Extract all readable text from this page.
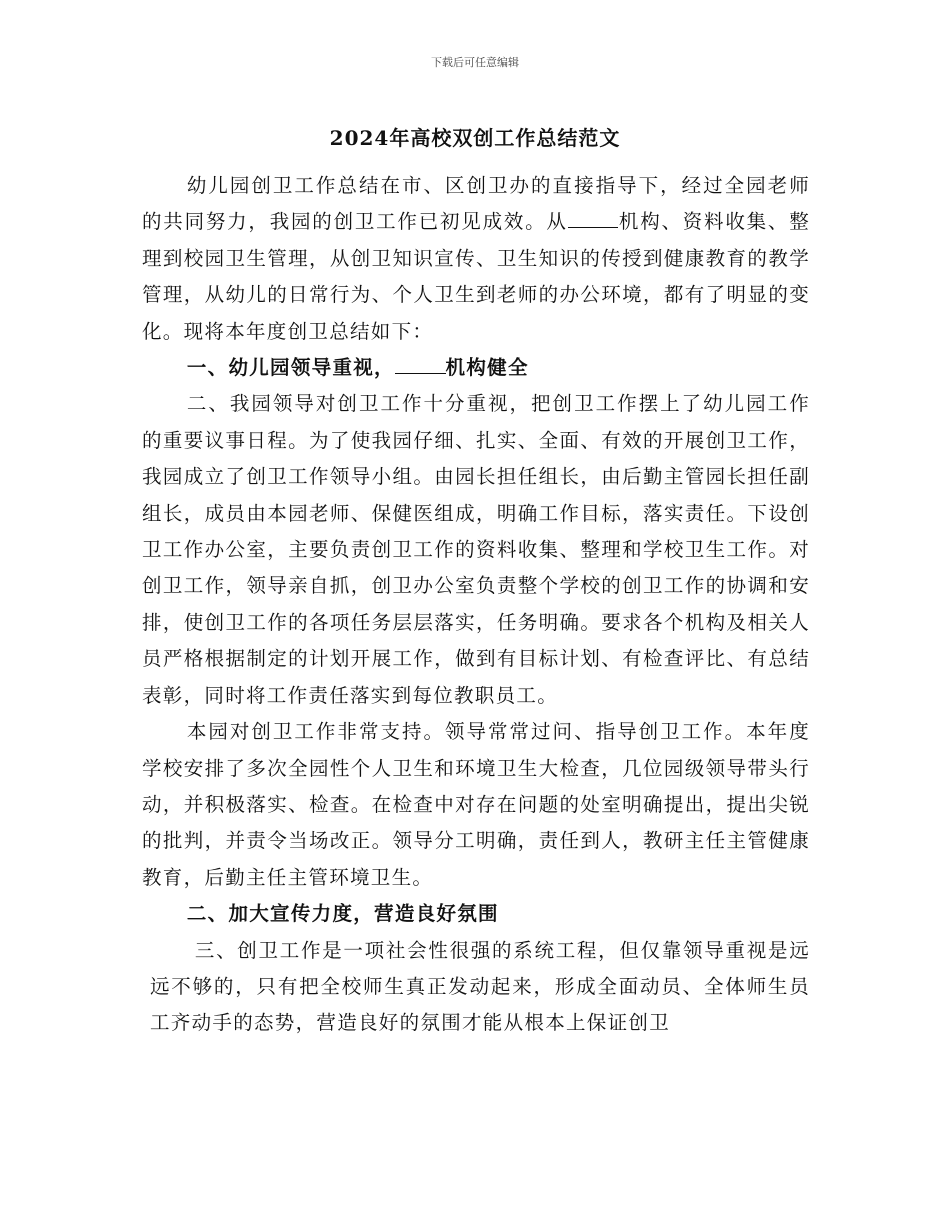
下载后可任意编辑
2024年高校双创工作总结范文

幼儿园创卫工作总结在市、区创卫办的直接指导下，经过全园老师的共同努力，我园的创卫工作已初见成效。从	机构、资料收集、整理到校园卫生管理，从创卫知识宣传、卫生知识的传授到健康教育的教学管理，从幼儿的日常行为、个人卫生到老师的办公环境，都有了明显的变化。现将本年度创卫总结如下：

一、幼儿园领导重视，	机构健全

二、我园领导对创卫工作十分重视，把创卫工作摆上了幼儿园工作的重要议事日程。为了使我园仔细、扎实、全面、有效的开展创卫工作，我园成立了创卫工作领导小组。由园长担任组长，由后勤主管园长担任副组长，成员由本园老师、保健医组成，明确工作目标，落实责任。下设创卫工作办公室，主要负责创卫工作的资料收集、整理和学校卫生工作。对创卫工作，领导亲自抓，创卫办公室负责整个学校的创卫工作的协调和安排，使创卫工作的各项任务层层落实，任务明确。要求各个机构及相关人员严格根据制定的计划开展工作，做到有目标计划、有检查评比、有总结表彰，同时将工作责任落实到每位教职员工。

本园对创卫工作非常支持。领导常常过问、指导创卫工作。本年度学校安排了多次全园性个人卫生和环境卫生大检查，几位园级领导带头行动，并积极落实、检查。在检查中对存在问题的处室明确提出，提出尖锐的批判，并责令当场改正。领导分工明确，责任到人，教研主任主管健康教育，后勤主任主管环境卫生。

二、加大宣传力度，营造良好氛围

三、创卫工作是一项社会性很强的系统工程，但仅靠领导重视是远远不够的，只有把全校师生真正发动起来，形成全面动员、全体师生员工齐动手的态势，营造良好的氛围才能从根本上保证创卫
